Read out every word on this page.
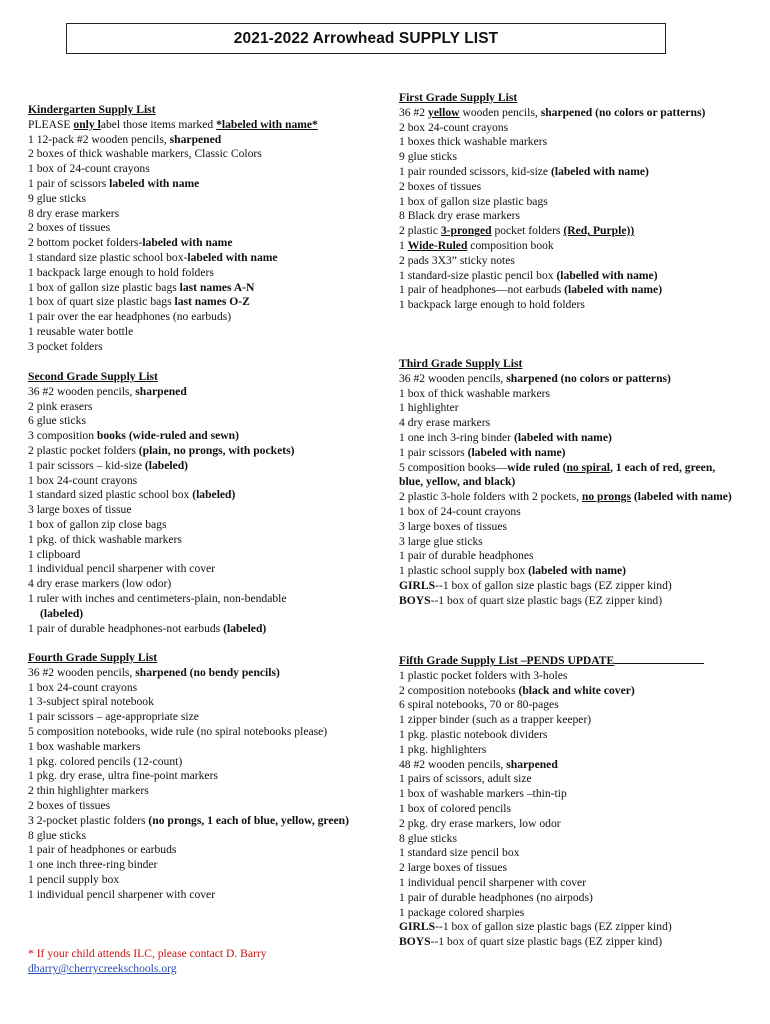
2021-2022 Arrowhead SUPPLY LIST
Kindergarten Supply List
PLEASE only label those items marked *labeled with name*
1 12-pack #2 wooden pencils, sharpened
2 boxes of thick washable markers, Classic Colors
1 box of 24-count crayons
1 pair of scissors labeled with name
9 glue sticks
8 dry erase markers
2 boxes of tissues
2 bottom pocket folders-labeled with name
1 standard size plastic school box-labeled with name
1 backpack large enough to hold folders
1 box of gallon size plastic bags last names A-N
1 box of quart size plastic bags last names O-Z
1 pair over the ear headphones (no earbuds)
1 reusable water bottle
3 pocket folders
Second Grade Supply List
36 #2 wooden pencils, sharpened
2 pink erasers
6 glue sticks
3 composition books (wide-ruled and sewn)
2 plastic pocket folders (plain, no prongs, with pockets)
1 pair scissors – kid-size (labeled)
1 box 24-count crayons
1 standard sized plastic school box (labeled)
3 large boxes of tissue
1 box of gallon zip close bags
1 pkg. of thick washable markers
1 clipboard
1 individual pencil sharpener with cover
4 dry erase markers (low odor)
1 ruler with inches and centimeters-plain, non-bendable
(labeled)
1 pair of durable headphones-not earbuds (labeled)
Fourth Grade Supply List
36 #2 wooden pencils, sharpened (no bendy pencils)
1 box 24-count crayons
1 3-subject spiral notebook
1 pair scissors – age-appropriate size
5 composition notebooks, wide rule (no spiral notebooks please)
1 box washable markers
1 pkg. colored pencils (12-count)
1 pkg. dry erase, ultra fine-point markers
2 thin highlighter markers
2 boxes of tissues
3 2-pocket plastic folders (no prongs, 1 each of blue, yellow, green)
8 glue sticks
1 pair of headphones or earbuds
1 one inch three-ring binder
1 pencil supply box
1 individual pencil sharpener with cover
First Grade Supply List
36 #2 yellow wooden pencils, sharpened (no colors or patterns)
2 box 24-count crayons
1 boxes thick washable markers
9 glue sticks
1 pair rounded scissors, kid-size (labeled with name)
2 boxes of tissues
1 box of gallon size plastic bags
8 Black dry erase markers
2 plastic 3-pronged pocket folders (Red, Purple))
1 Wide-Ruled composition book
2 pads 3X3” sticky notes
1 standard-size plastic pencil box (labelled with name)
1 pair of headphones—not earbuds (labeled with name)
1 backpack large enough to hold folders
Third Grade Supply List
36 #2 wooden pencils, sharpened (no colors or patterns)
1 box of thick washable markers
1 highlighter
4 dry erase markers
1 one inch 3-ring binder (labeled with name)
1 pair scissors (labeled with name)
5 composition books—wide ruled (no spiral, 1 each of red, green, blue, yellow, and black)
2 plastic 3-hole folders with 2 pockets, no prongs (labeled with name)
1 box of 24-count crayons
3 large boxes of tissues
3 large glue sticks
1 pair of durable headphones
1 plastic school supply box (labeled with name)
GIRLS--1 box of gallon size plastic bags (EZ zipper kind)
BOYS--1 box of quart size plastic bags (EZ zipper kind)
Fifth Grade Supply List –PENDS UPDATE
1 plastic pocket folders with 3-holes
2 composition notebooks (black and white cover)
6 spiral notebooks, 70 or 80-pages
1 zipper binder (such as a trapper keeper)
1 pkg. plastic notebook dividers
1 pkg. highlighters
48 #2 wooden pencils, sharpened
1 pairs of scissors, adult size
1 box of washable markers –thin-tip
1 box of colored pencils
2 pkg. dry erase markers, low odor
8 glue sticks
1 standard size pencil box
2 large boxes of tissues
1 individual pencil sharpener with cover
1 pair of durable headphones (no airpods)
1 package colored sharpies
GIRLS--1 box of gallon size plastic bags (EZ zipper kind)
BOYS--1 box of quart size plastic bags (EZ zipper kind)
* If your child attends ILC, please contact D. Barry
dbarry@cherrycreekschools.org
